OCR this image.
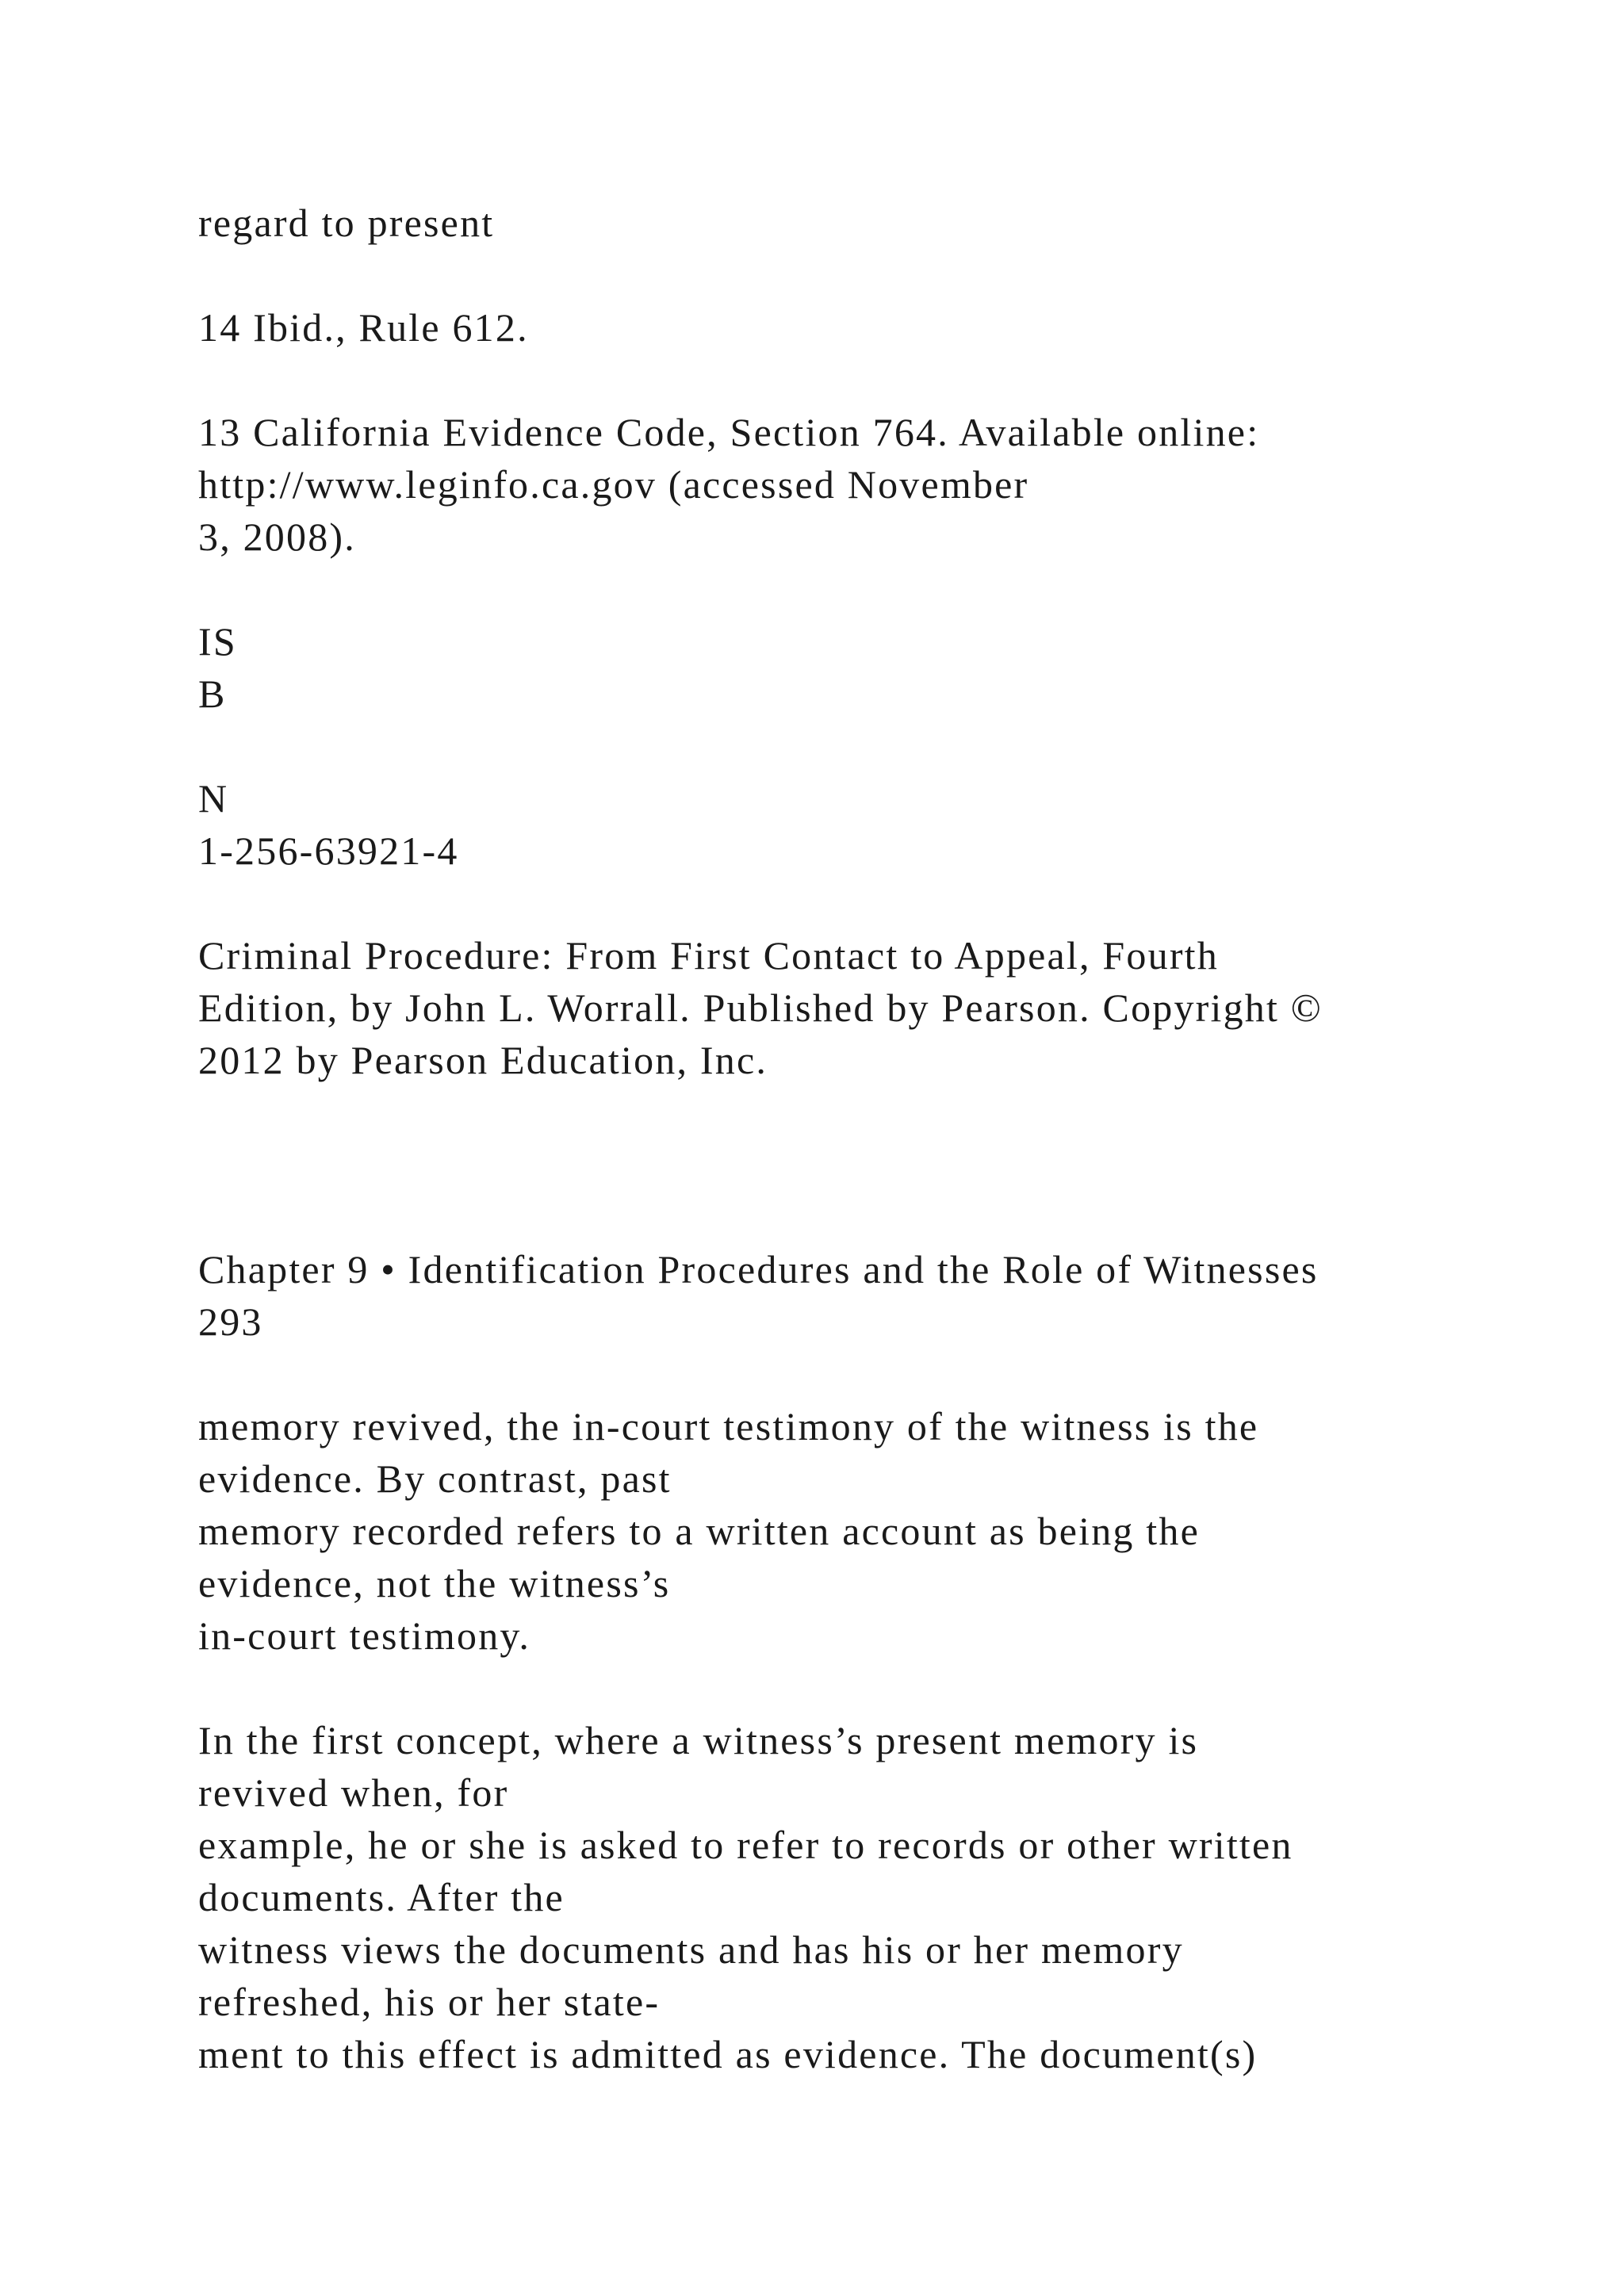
regard to present

14 Ibid., Rule 612.

13 California Evidence Code, Section 764. Available online:
http://www.leginfo.ca.gov (accessed November
3, 2008).

IS
B

N
1-256-63921-4

Criminal Procedure: From First Contact to Appeal, Fourth
Edition, by John L. Worrall. Published by Pearson. Copyright ©
2012 by Pearson Education, Inc.

Chapter 9 • Identification Procedures and the Role of Witnesses
293

memory revived, the in-court testimony of the witness is the
evidence. By contrast, past
memory recorded refers to a written account as being the
evidence, not the witness’s
in-court testimony.

In the first concept, where a witness’s present memory is
revived when, for
example, he or she is asked to refer to records or other written
documents. After the
witness views the documents and has his or her memory
refreshed, his or her state-
ment to this effect is admitted as evidence. The document(s)
